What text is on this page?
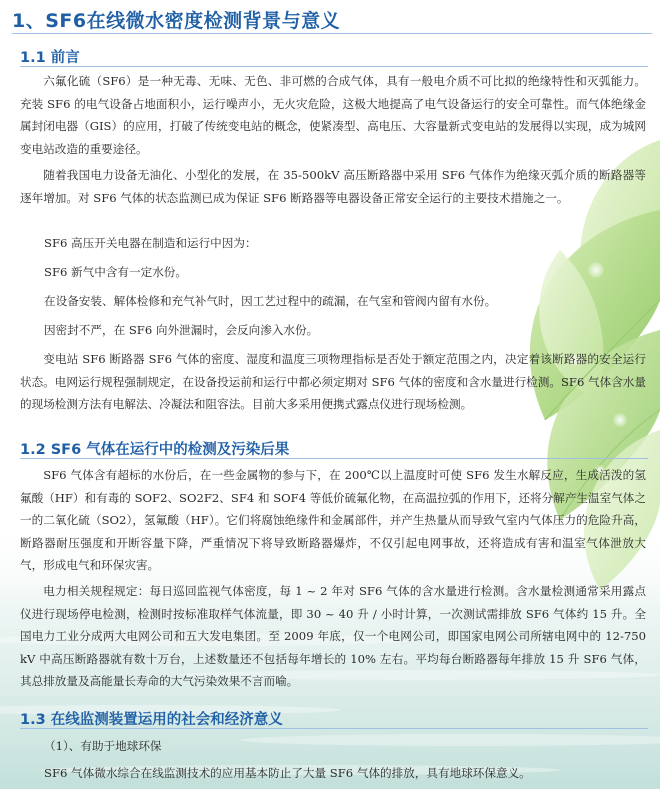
1、SF6在线微水密度检测背景与意义
1.1 前言
六氟化硫（SF6）是一种无毒、无味、无色、非可燃的合成气体，具有一般电介质不可比拟的绝缘特性和灭弧能力。充装 SF6 的电气设备占地面积小，运行噪声小，无火灾危险，这极大地提高了电气设备运行的安全可靠性。而气体绝缘金属封闭电器（GIS）的应用，打破了传统变电站的概念，使紧凑型、高电压、大容量新式变电站的发展得以实现，成为城网变电站改造的重要途径。
随着我国电力设备无油化、小型化的发展，在 35-500kV 高压断路器中采用 SF6 气体作为绝缘灭弧介质的断路器等逐年增加。对 SF6 气体的状态监测已成为保证 SF6 断路器等电器设备正常安全运行的主要技术措施之一。
SF6 高压开关电器在制造和运行中因为：
SF6 新气中含有一定水份。
在设备安装、解体检修和充气补气时，因工艺过程中的疏漏，在气室和管阀内留有水份。
因密封不严，在 SF6 向外泄漏时，会反向渗入水份。
变电站 SF6 断路器 SF6 气体的密度、湿度和温度三项物理指标是否处于额定范围之内，决定着该断路器的安全运行状态。电网运行规程强制规定，在设备投运前和运行中都必须定期对 SF6 气体的密度和含水量进行检测。SF6 气体含水量的现场检测方法有电解法、冷凝法和阻容法。目前大多采用便携式露点仪进行现场检测。
1.2 SF6 气体在运行中的检测及污染后果
SF6 气体含有超标的水份后，在一些金属物的参与下，在 200℃以上温度时可使 SF6 发生水解反应，生成活泼的氢氟酸（HF）和有毒的 SOF2、SO2F2、SF4 和 SOF4 等低价硫氟化物，在高温拉弧的作用下，还将分解产生温室气体之一的二氧化硫（SO2），氢氟酸（HF）。它们将腐蚀绝缘件和金属部件，并产生热量从而导致气室内气体压力的危险升高，断路器耐压强度和开断容量下降，严重情况下将导致断路器爆炸，不仅引起电网事故，还将造成有害和温室气体泄放大气，形成电气和环保灾害。
电力相关规程规定：每日巡回监视气体密度，每 1 ~ 2 年对 SF6 气体的含水量进行检测。含水量检测通常采用露点仪进行现场停电检测，检测时按标准取样气体流量，即 30 ~ 40 升 / 小时计算，一次测试需排放 SF6 气体约 15 升。全国电力工业分成两大电网公司和五大发电集团。至 2009 年底，仅一个电网公司，即国家电网公司所辖电网中的 12-750 kV 中高压断路器就有数十万台，上述数量还不包括每年增长的 10% 左右。平均每台断路器每年排放 15 升 SF6 气体，其总排放量及高能量长寿命的大气污染效果不言而喻。
1.3 在线监测装置运用的社会和经济意义
（1）、有助于地球环保
SF6 气体微水综合在线监测技术的应用基本防止了大量 SF6 气体的排放，具有地球环保意义。
